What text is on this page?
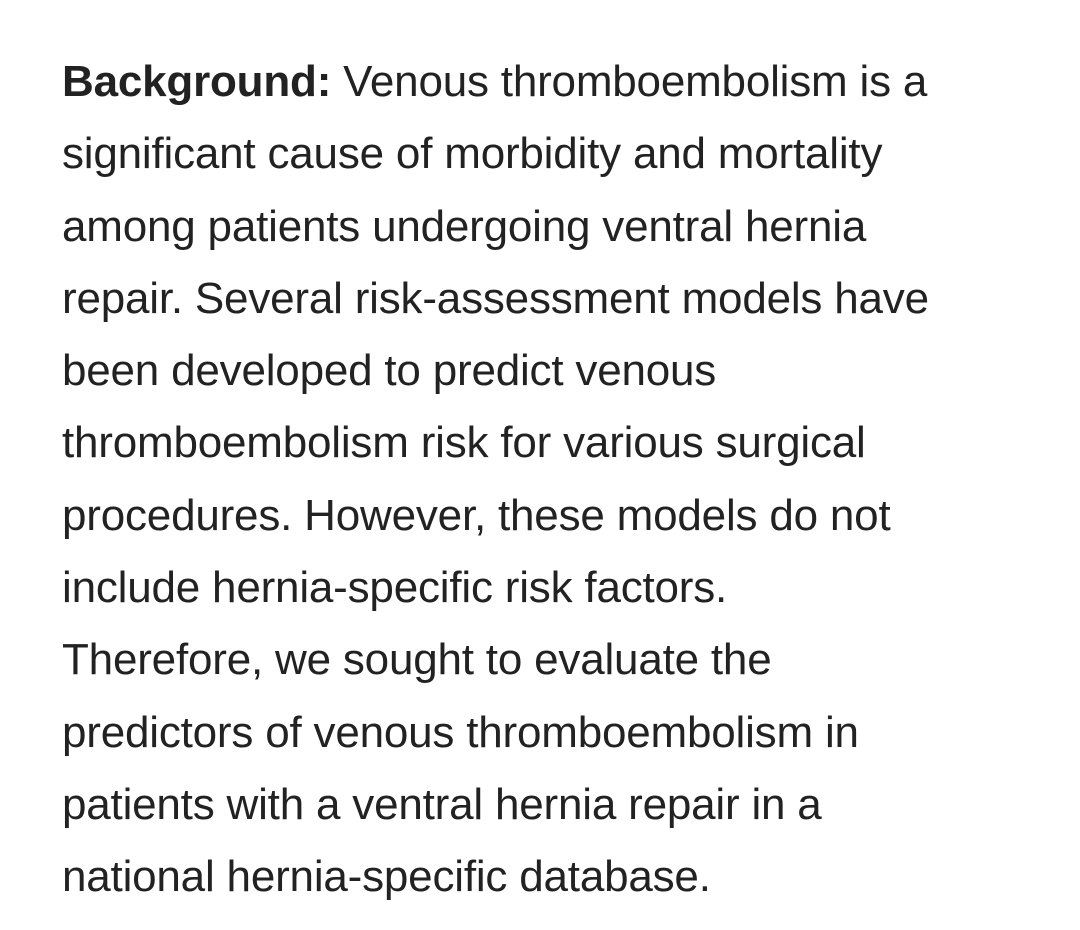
Background: Venous thromboembolism is a
significant cause of morbidity and mortality
among patients undergoing ventral hernia
repair. Several risk-assessment models have
been developed to predict venous
thromboembolism risk for various surgical
procedures. However, these models do not
include hernia-specific risk factors.
Therefore, we sought to evaluate the
predictors of venous thromboembolism in
patients with a ventral hernia repair in a
national hernia-specific database.
